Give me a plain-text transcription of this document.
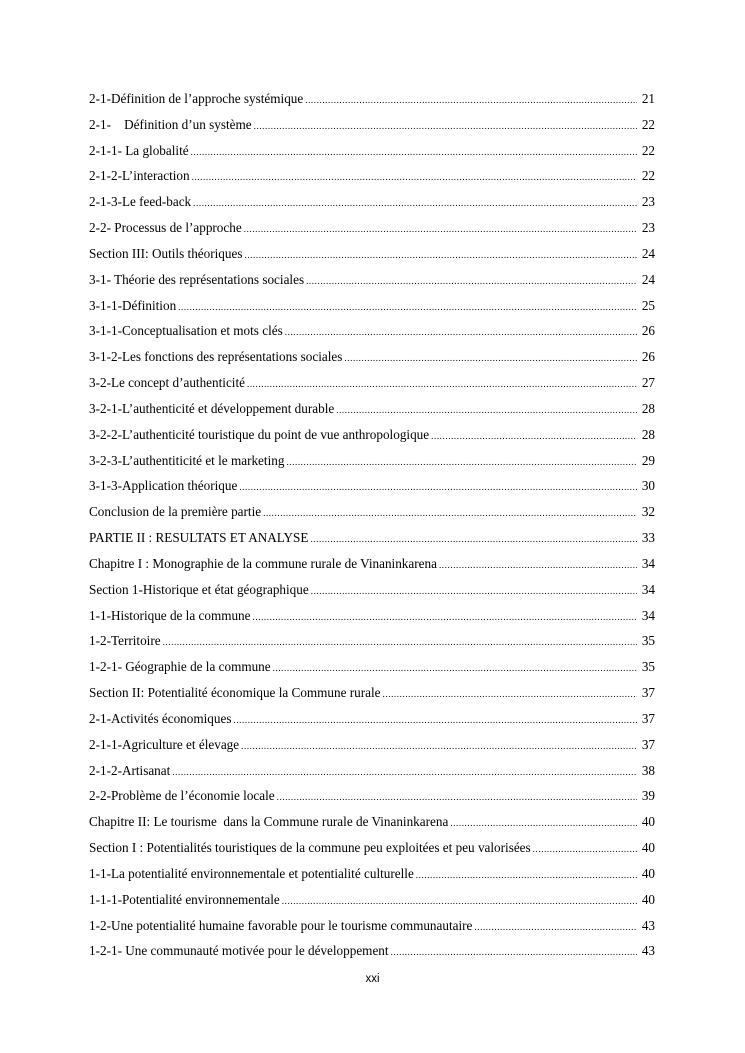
2-1-Définition de l’approche systémique .....	21
2-1-    Définition d’un système .....	22
2-1-1- La globalité .....	22
2-1-2-L’interaction .....	22
2-1-3-Le feed-back .....	23
2-2- Processus de l’approche .....	23
Section III: Outils théoriques .....	24
3-1- Théorie des représentations sociales .....	24
3-1-1-Définition .....	25
3-1-1-Conceptualisation et mots clés .....	26
3-1-2-Les fonctions des représentations sociales .....	26
3-2-Le concept d’authenticité .....	27
3-2-1-L’authenticité et développement durable .....	28
3-2-2-L’authenticité touristique du point de vue anthropologique .....	28
3-2-3-L’authentiticité et le marketing .....	29
3-1-3-Application théorique .....	30
Conclusion de la première partie .....	32
PARTIE II : RESULTATS ET ANALYSE .....	33
Chapitre I : Monographie de la commune rurale de Vinaninkarena .....	34
Section 1-Historique et état géographique .....	34
1-1-Historique de la commune .....	34
1-2-Territoire .....	35
1-2-1- Géographie de la commune .....	35
Section II: Potentialité économique la Commune rurale .....	37
2-1-Activités économiques .....	37
2-1-1-Agriculture et élevage .....	37
2-1-2-Artisanat .....	38
2-2-Problème de l’économie locale .....	39
Chapitre II: Le tourisme  dans la Commune rurale de Vinaninkarena .....	40
Section I : Potentialités touristiques de la commune peu exploitées et peu valorisées .....	40
1-1-La potentialité environnementale et potentialité culturelle .....	40
1-1-1-Potentialité environnementale .....	40
1-2-Une potentialité humaine favorable pour le tourisme communautaire .....	43
1-2-1- Une communauté motivée pour le développement .....	43
xxi
